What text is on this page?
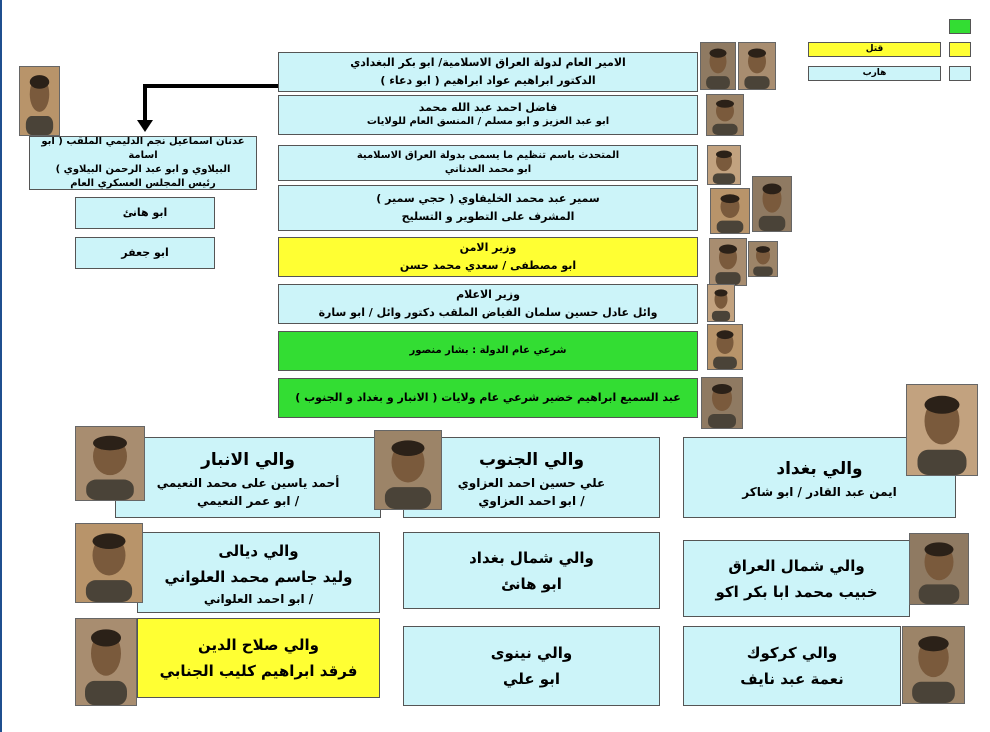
قتل
هارب
الامير العام لدولة العراق الاسلامية/ ابو بكر البغدادي
الدكتور ابراهيم عواد ابراهيم ( ابو دعاء )
فاضل احمد عبد الله محمد
ابو عبد العزيز و ابو مسلم / المنسق العام للولايات
المتحدث باسم تنظيم ما يسمى بدولة العراق الاسلامية
ابو محمد العدناني
سمير عبد محمد الخليفاوي ( حجي سمير )
المشرف على التطوير و التسليح
وزير الامن
ابو مصطفى / سعدي محمد حسن
وزير الاعلام
وائل عادل حسين سلمان الفياض الملقب دكتور وائل / ابو سارة
شرعي عام الدولة : بشار منصور
عبد السميع ابراهيم خضير شرعي عام ولايات ( الانبار و بغداد و الجنوب )
عدنان اسماعيل نجم الدليمي الملقب ( ابو اسامة
البيلاوي و ابو عبد الرحمن البيلاوي )
رئيس المجلس العسكري العام
ابو هانئ
ابو جعفر
والي الانبار
أحمد ياسين على محمد النعيمي
/ ابو عمر النعيمي
والي الجنوب
علي حسين احمد العزاوي
/ ابو احمد العزاوي
والي بغداد
ايمن عبد القادر / ابو شاكر
والي ديالى
وليد جاسم محمد العلواني
/ ابو احمد العلواني
والي شمال بغداد
ابو هانئ
والي شمال العراق
خبيب محمد ابا بكر اكو
والي صلاح الدين
فرقد ابراهيم كليب الجنابي
والي نينوى
ابو علي
والي كركوك
نعمة عبد نايف
